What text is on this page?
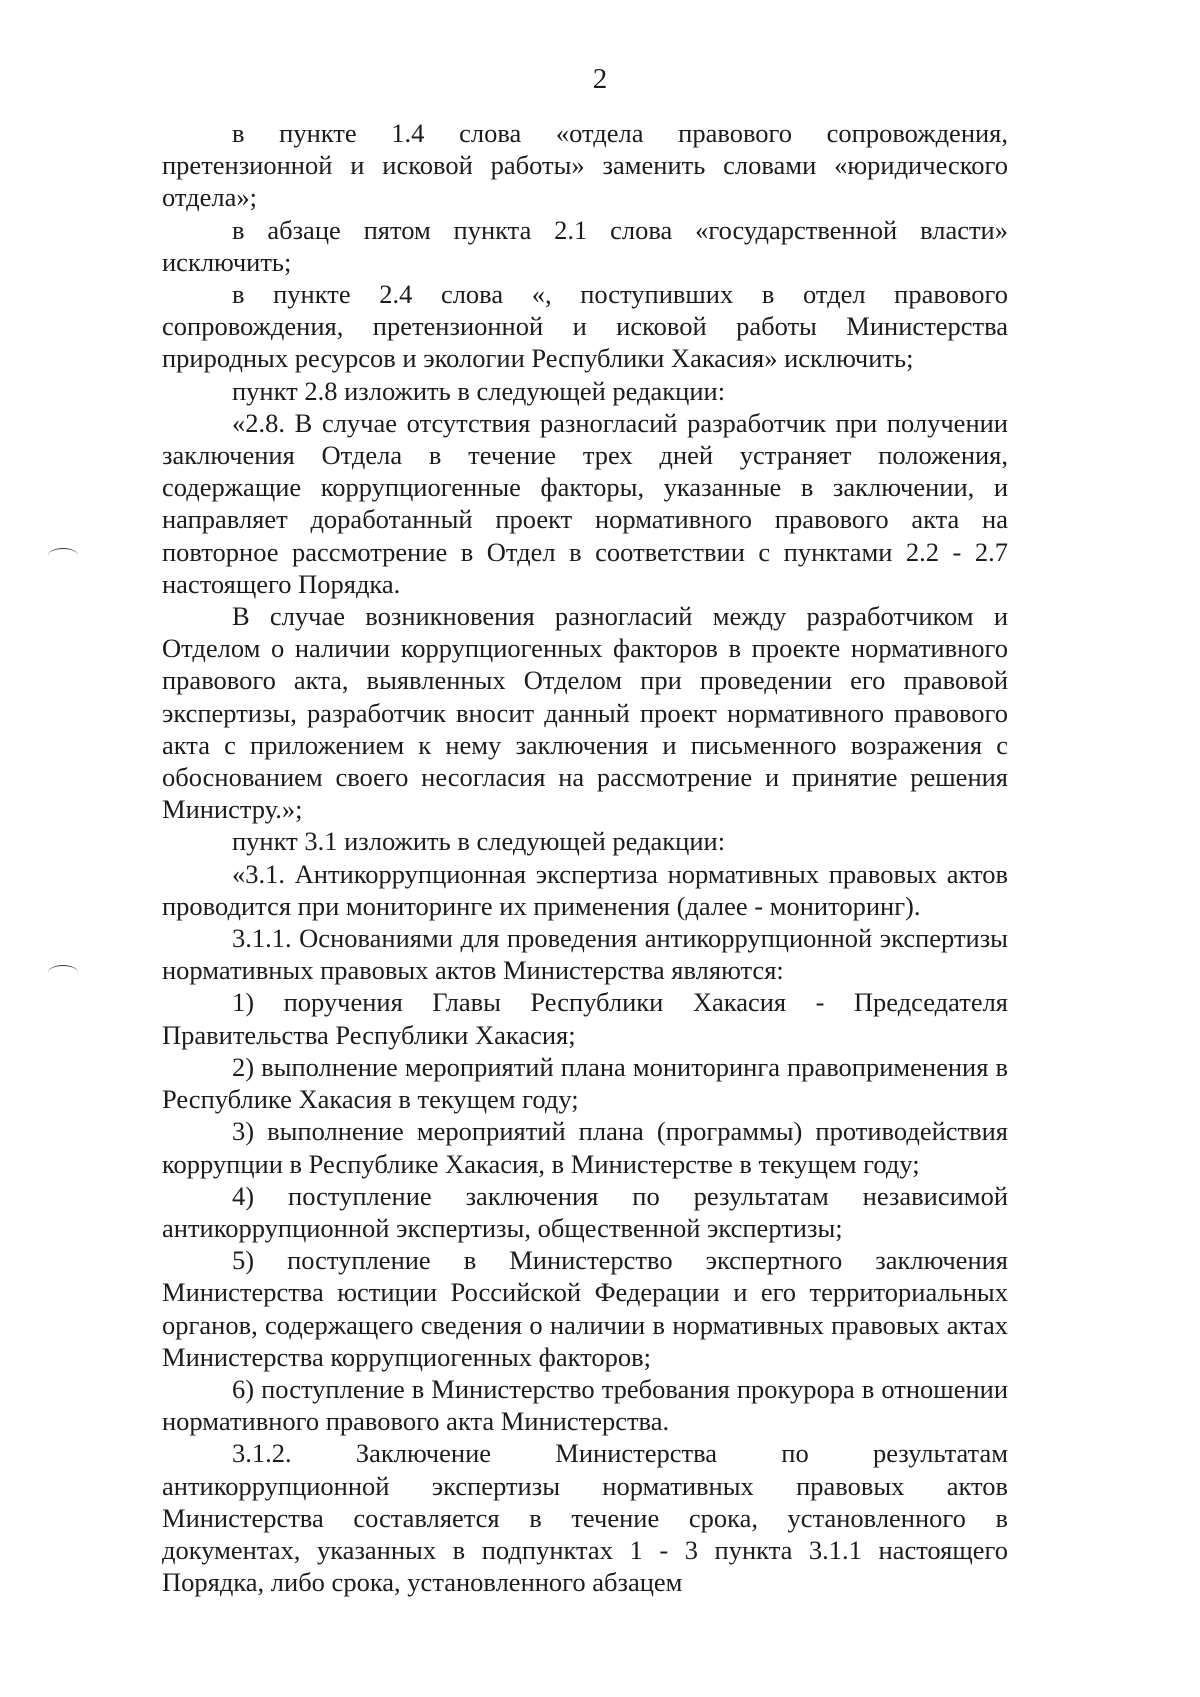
2

в пункте 1.4 слова «отдела правового сопровождения, претензионной и исковой работы» заменить словами «юридического отдела»;

в абзаце пятом пункта 2.1 слова «государственной власти» исключить;

в пункте 2.4 слова «, поступивших в отдел правового сопровождения, претензионной и исковой работы Министерства природных ресурсов и экологии Республики Хакасия» исключить;

пункт 2.8 изложить в следующей редакции:

«2.8. В случае отсутствия разногласий разработчик при получении заключения Отдела в течение трех дней устраняет положения, содержащие коррупциогенные факторы, указанные в заключении, и направляет доработанный проект нормативного правового акта на повторное рассмотрение в Отдел в соответствии с пунктами 2.2 - 2.7 настоящего Порядка.

В случае возникновения разногласий между разработчиком и Отделом о наличии коррупциогенных факторов в проекте нормативного правового акта, выявленных Отделом при проведении его правовой экспертизы, разработчик вносит данный проект нормативного правового акта с приложением к нему заключения и письменного возражения с обоснованием своего несогласия на рассмотрение и принятие решения Министру.»;

пункт 3.1 изложить в следующей редакции:

«3.1. Антикоррупционная экспертиза нормативных правовых актов проводится при мониторинге их применения (далее - мониторинг).

3.1.1. Основаниями для проведения антикоррупционной экспертизы нормативных правовых актов Министерства являются:

1) поручения Главы Республики Хакасия - Председателя Правительства Республики Хакасия;

2) выполнение мероприятий плана мониторинга правоприменения в Республике Хакасия в текущем году;

3) выполнение мероприятий плана (программы) противодействия коррупции в Республике Хакасия, в Министерстве в текущем году;

4) поступление заключения по результатам независимой антикоррупционной экспертизы, общественной экспертизы;

5) поступление в Министерство экспертного заключения Министерства юстиции Российской Федерации и его территориальных органов, содержащего сведения о наличии в нормативных правовых актах Министерства коррупциогенных факторов;

6) поступление в Министерство требования прокурора в отношении нормативного правового акта Министерства.

3.1.2. Заключение Министерства по результатам антикоррупционной экспертизы нормативных правовых актов Министерства составляется в течение срока, установленного в документах, указанных в подпунктах 1 - 3 пункта 3.1.1 настоящего Порядка, либо срока, установленного абзацем
